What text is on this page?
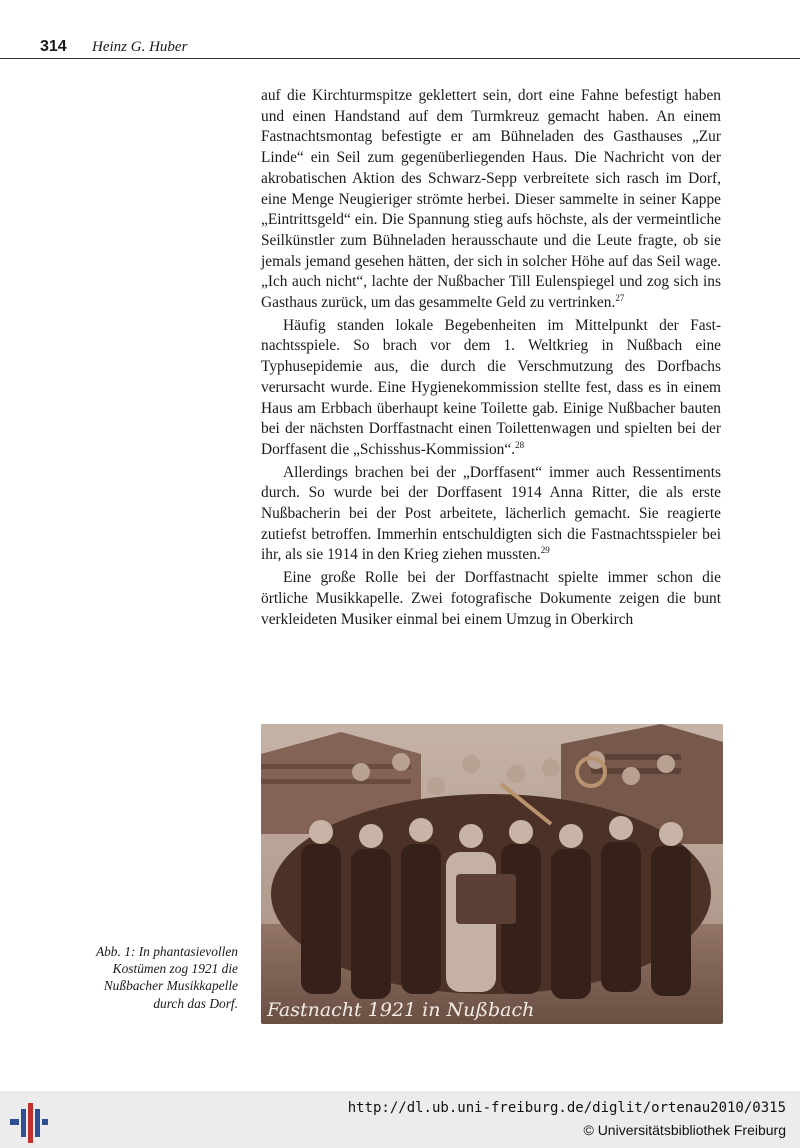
314 Heinz G. Huber

auf die Kirchturmspitze geklettert sein, dort eine Fahne befestigt haben und einen Handstand auf dem Turmkreuz gemacht haben. An einem Fastnachtsmontag befestigte er am Bühneladen des Gasthauses „Zur Linde“ ein Seil zum gegenüberliegenden Haus. Die Nachricht von der akrobatischen Aktion des Schwarz-Sepp verbreitete sich rasch im Dorf, eine Menge Neugieriger strömte herbei. Dieser sammelte in seiner Kappe „Eintrittsgeld“ ein. Die Spannung stieg aufs höchste, als der vermeintliche Seilkünstler zum Bühneladen herausschaute und die Leute fragte, ob sie jemals jemand gesehen hätten, der sich in solcher Höhe auf das Seil wage. „Ich auch nicht“, lachte der Nußbacher Till Eulenspiegel und zog sich ins Gasthaus zurück, um das gesammelte Geld zu vertrinken.$^{27}$

Häufig standen lokale Begebenheiten im Mittelpunkt der Fastnachtsspiele. So brach vor dem 1. Weltkrieg in Nußbach eine Typhusepidemie aus, die durch die Verschmutzung des Dorfbachs verursacht wurde. Eine Hygienekommission stellte fest, dass es in einem Haus am Erbbach überhaupt keine Toilette gab. Einige Nußbacher bauten bei der nächsten Dorffastnacht einen Toilettenwagen und spielten bei der Dorffasent die „Schisshus-Kommission“.$^{28}$

Allerdings brachen bei der „Dorffasent“ immer auch Ressentiments durch. So wurde bei der Dorffasent 1914 Anna Ritter, die als erste Nußbacherin bei der Post arbeitete, lächerlich gemacht. Sie reagierte zutiefst betroffen. Immerhin entschuldigten sich die Fastnachtsspieler bei ihr, als sie 1914 in den Krieg ziehen mussten.$^{29}$

Eine große Rolle bei der Dorffastnacht spielte immer schon die örtliche Musikkapelle. Zwei fotografische Dokumente zeigen die bunt verkleideten Musiker einmal bei einem Umzug in Oberkirch

Fastnacht 1921 in Nußbach
Abb. 1: In phantasievollen Kostümen zog 1921 die Nußbacher Musikkapelle durch das Dorf.
http://dl.ub.uni-freiburg.de/diglit/ortenau2010/0315
© Universitätsbibliothek Freiburg
